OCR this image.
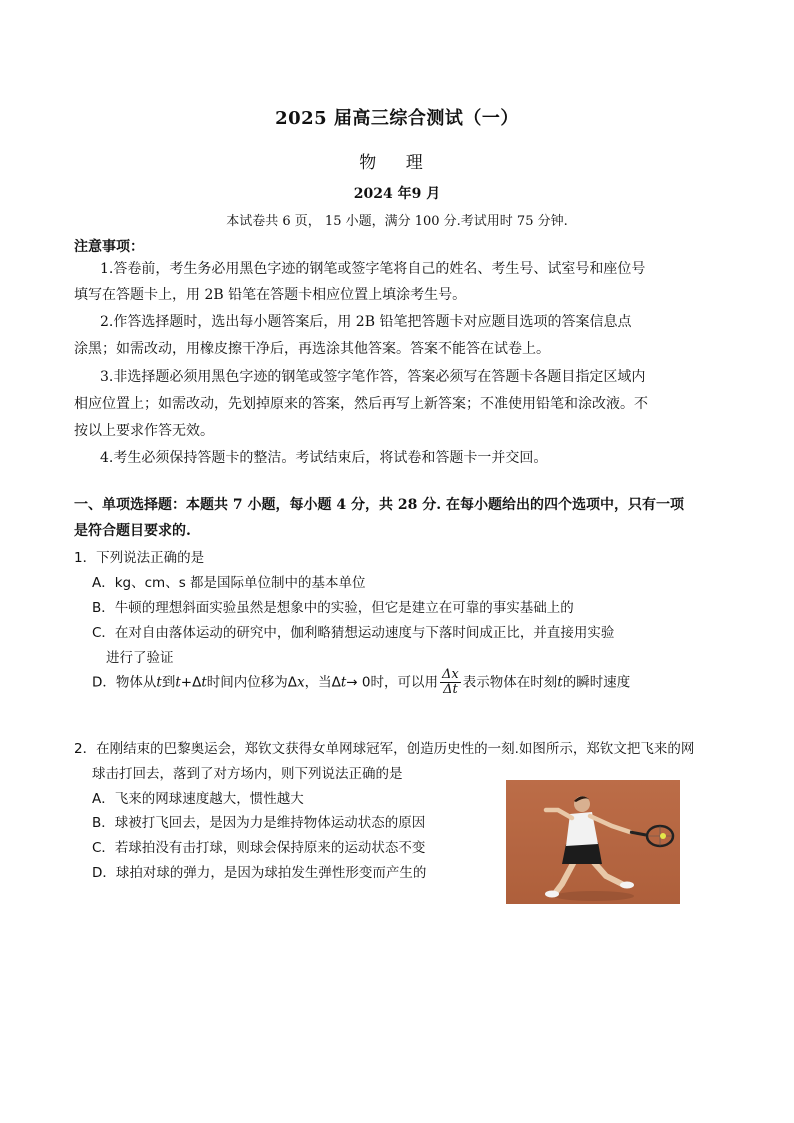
2025 届高三综合测试（一）
物 理
2024 年9 月
本试卷共 6 页， 15 小题，满分 100 分.考试用时 75 分钟.
注意事项：
1.答卷前，考生务必用黑色字迹的钢笔或签字笔将自己的姓名、考生号、试室号和座位号
填写在答题卡上，用 2B 铅笔在答题卡相应位置上填涂考生号。
2.作答选择题时，选出每小题答案后，用 2B 铅笔把答题卡对应题目选项的答案信息点
涂黑；如需改动，用橡皮擦干净后，再选涂其他答案。答案不能答在试卷上。
3.非选择题必须用黑色字迹的钢笔或签字笔作答，答案必须写在答题卡各题目指定区域内
相应位置上；如需改动，先划掉原来的答案，然后再写上新答案；不准使用铅笔和涂改液。不
按以上要求作答无效。
4.考生必须保持答题卡的整洁。考试结束后，将试卷和答题卡一并交回。
一、单项选择题：本题共 7 小题，每小题 4 分，共 28 分. 在每小题给出的四个选项中，只有一项
是符合题目要求的.
1．下列说法正确的是
A．kg、cm、s 都是国际单位制中的基本单位
B．牛顿的理想斜面实验虽然是想象中的实验，但它是建立在可靠的事实基础上的
C．在对自由落体运动的研究中，伽利略猜想运动速度与下落时间成正比，并直接用实验
进行了验证
D．物体从t到t+Δt时间内位移为Δx，当Δt→ 0时，可以用 $\frac{\Delta x}{\Delta t}$ 表示物体在时刻t的瞬时速度
2．在刚结束的巴黎奥运会，郑钦文获得女单网球冠军，创造历史性的一刻.如图所示，郑钦文把飞来的网
球击打回去，落到了对方场内，则下列说法正确的是
A．飞来的网球速度越大，惯性越大
B．球被打飞回去，是因为力是维持物体运动状态的原因
C．若球拍没有击打球，则球会保持原来的运动状态不变
D．球拍对球的弹力，是因为球拍发生弹性形变而产生的
